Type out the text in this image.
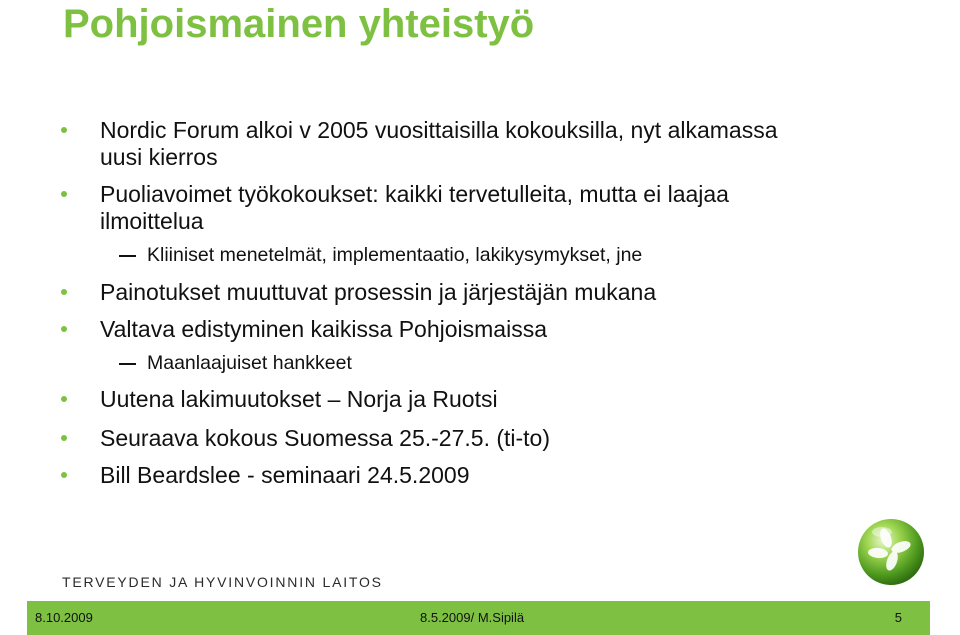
Pohjoismainen yhteistyö
Nordic Forum alkoi v 2005 vuosittaisilla kokouksilla, nyt alkamassa
uusi kierros
Puoliavoimet työkokoukset: kaikki tervetulleita, mutta ei laajaa
ilmoittelua
Kliiniset menetelmät, implementaatio, lakikysymykset, jne
Painotukset muuttuvat prosessin ja järjestäjän mukana
Valtava edistyminen kaikissa Pohjoismaissa
Maanlaajuiset hankkeet
Uutena lakimuutokset – Norja ja Ruotsi
Seuraava kokous Suomessa 25.-27.5. (ti-to)
Bill Beardslee - seminaari 24.5.2009
TERVEYDEN JA HYVINVOINNIN LAITOS
8.10.2009	8.5.2009/ M.Sipilä	5
